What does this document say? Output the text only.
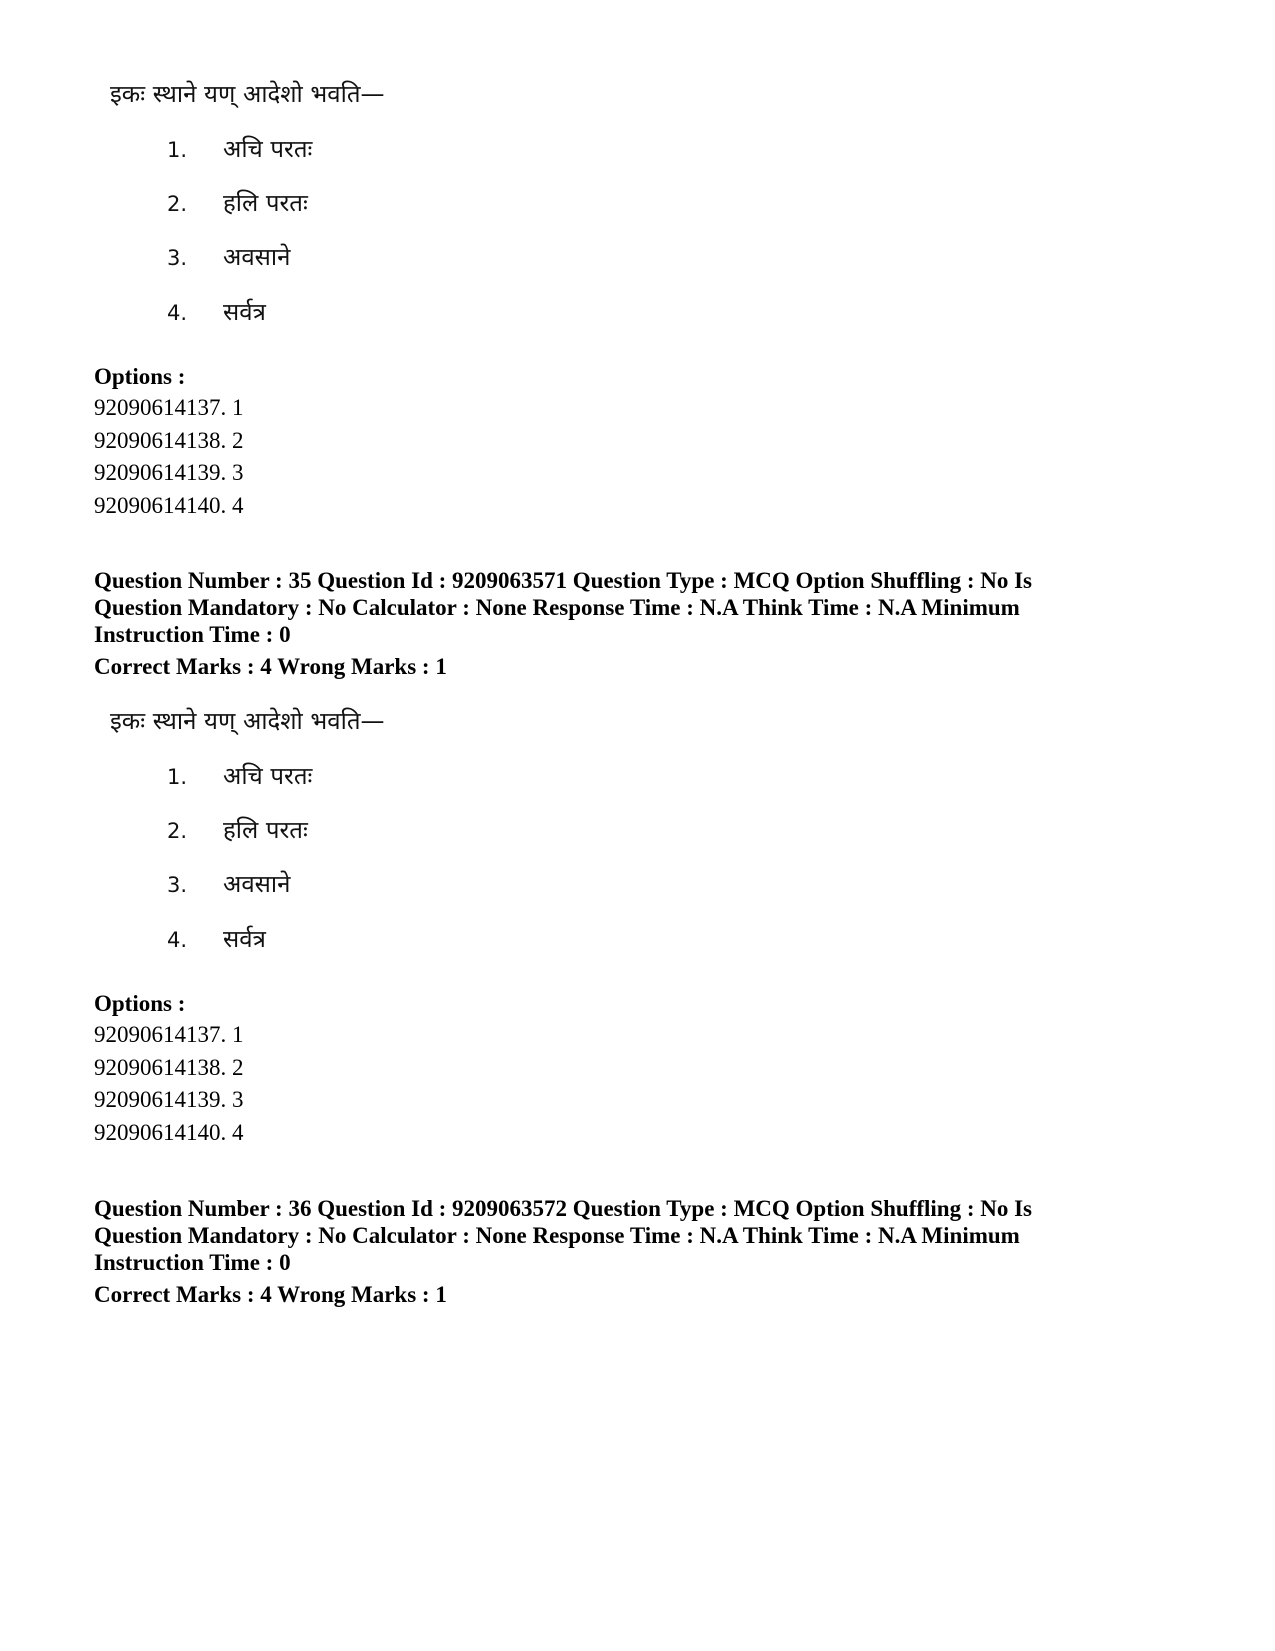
इकः स्थाने यण् आदेशो भवति—
1. अचि परतः
2. हलि परतः
3. अवसाने
4. सर्वत्र
Options :
92090614137. 1
92090614138. 2
92090614139. 3
92090614140. 4
Question Number : 35 Question Id : 9209063571 Question Type : MCQ Option Shuffling : No Is
Question Mandatory : No Calculator : None Response Time : N.A Think Time : N.A Minimum
Instruction Time : 0
Correct Marks : 4 Wrong Marks : 1
इकः स्थाने यण् आदेशो भवति—
1. अचि परतः
2. हलि परतः
3. अवसाने
4. सर्वत्र
Options :
92090614137. 1
92090614138. 2
92090614139. 3
92090614140. 4
Question Number : 36 Question Id : 9209063572 Question Type : MCQ Option Shuffling : No Is
Question Mandatory : No Calculator : None Response Time : N.A Think Time : N.A Minimum
Instruction Time : 0
Correct Marks : 4 Wrong Marks : 1
